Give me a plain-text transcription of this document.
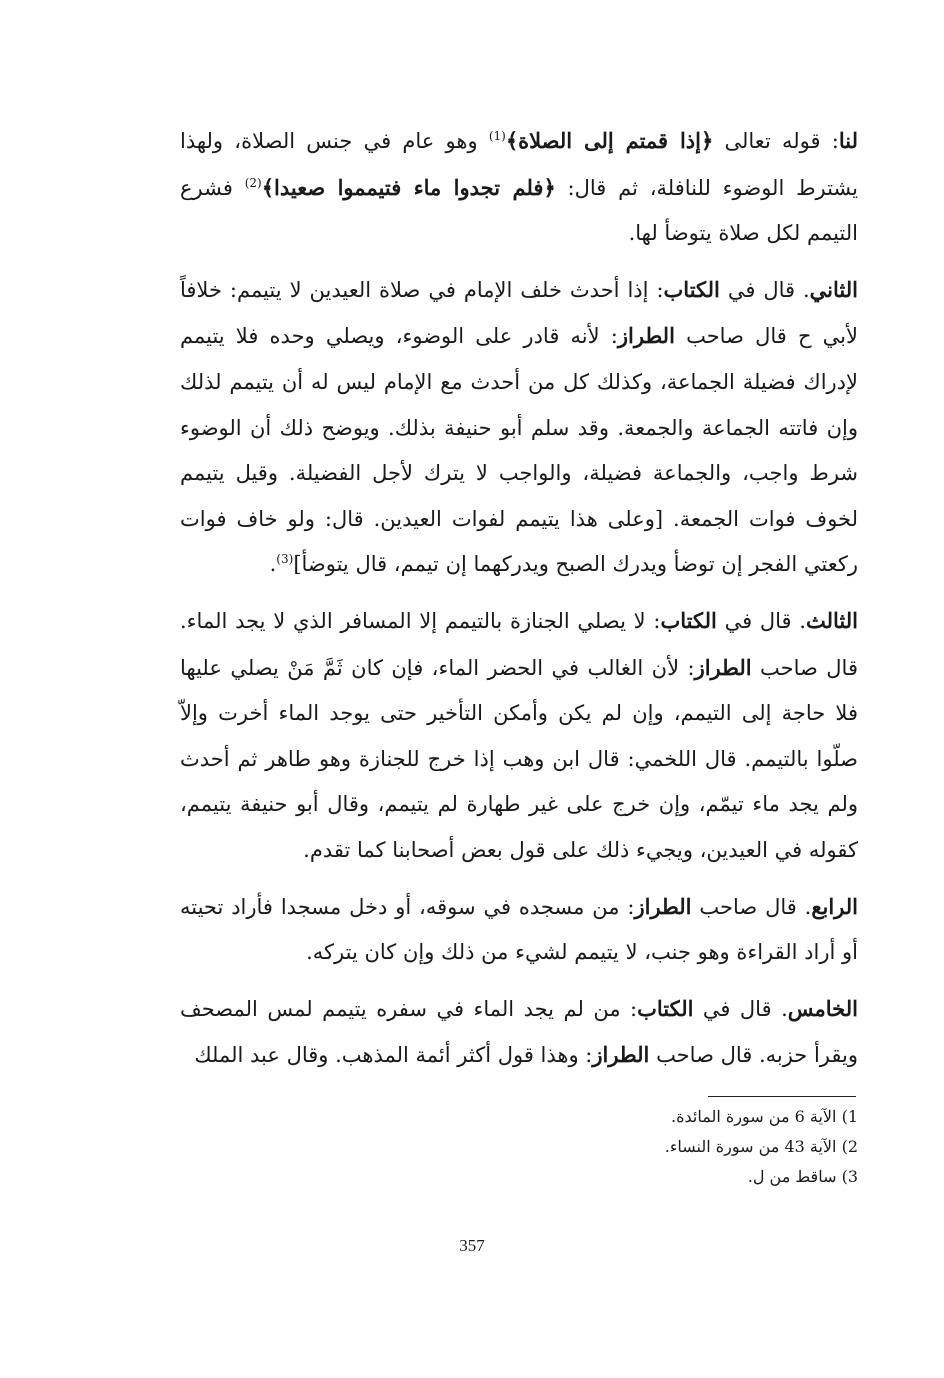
لنا: قوله تعالى ﴿إذا قمتم إلى الصلاة﴾$^{(1)}$ وهو عام في جنس الصلاة، ولهذا يشترط الوضوء للنافلة، ثم قال: ﴿فلم تجدوا ماء فتيمموا صعيدا﴾$^{(2)}$ فشرع التيمم لكل صلاة يتوضأ لها.

الثاني. قال في الكتاب: إذا أحدث خلف الإمام في صلاة العيدين لا يتيمم: خلافاً لأبي ح قال صاحب الطراز: لأنه قادر على الوضوء، ويصلي وحده فلا يتيمم لإدراك فضيلة الجماعة، وكذلك كل من أحدث مع الإمام ليس له أن يتيمم لذلك وإن فاتته الجماعة والجمعة. وقد سلم أبو حنيفة بذلك. ويوضح ذلك أن الوضوء شرط واجب، والجماعة فضيلة، والواجب لا يترك لأجل الفضيلة. وقيل يتيمم لخوف فوات الجمعة. [وعلى هذا يتيمم لفوات العيدين. قال: ولو خاف فوات ركعتي الفجر إن توضأ ويدرك الصبح ويدركهما إن تيمم، قال يتوضأ]$^{(3)}$.

الثالث. قال في الكتاب: لا يصلي الجنازة بالتيمم إلا المسافر الذي لا يجد الماء. قال صاحب الطراز: لأن الغالب في الحضر الماء، فإن كان ثَمَّ مَنْ يصلي عليها فلا حاجة إلى التيمم، وإن لم يكن وأمكن التأخير حتى يوجد الماء أخرت وإلاّ صلّوا بالتيمم. قال اللخمي: قال ابن وهب إذا خرج للجنازة وهو طاهر ثم أحدث ولم يجد ماء تيمّم، وإن خرج على غير طهارة لم يتيمم، وقال أبو حنيفة يتيمم، كقوله في العيدين، ويجيء ذلك على قول بعض أصحابنا كما تقدم.

الرابع. قال صاحب الطراز: من مسجده في سوقه، أو دخل مسجدا فأراد تحيته أو أراد القراءة وهو جنب، لا يتيمم لشيء من ذلك وإن كان يتركه.

الخامس. قال في الكتاب: من لم يجد الماء في سفره يتيمم لمس المصحف ويقرأ حزبه. قال صاحب الطراز: وهذا قول أكثر أئمة المذهب. وقال عبد الملك

1) الآية 6 من سورة المائدة.

2) الآية 43 من سورة النساء.

3) ساقط من ل.

357
